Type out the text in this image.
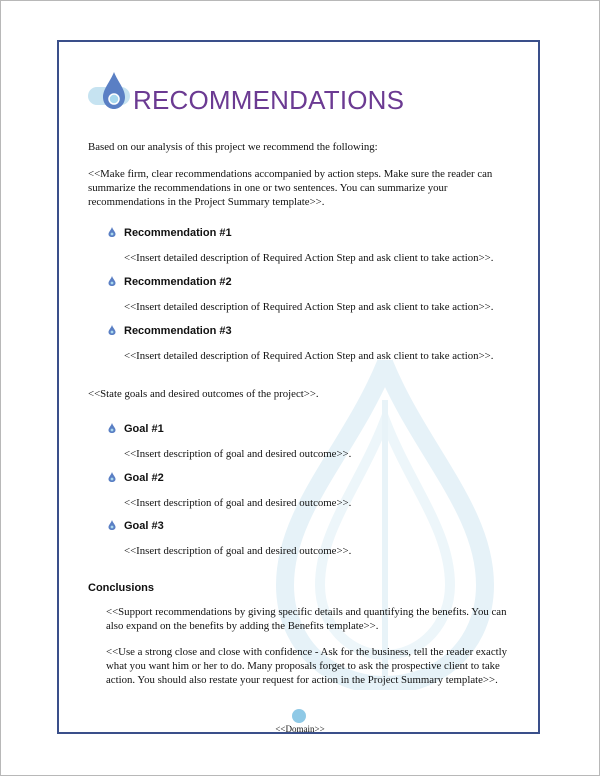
RECOMMENDATIONS

Based on our analysis of this project we recommend the following:

<<Make firm, clear recommendations accompanied by action steps. Make sure the reader can summarize the recommendations in one or two sentences. You can summarize your recommendations in the Project Summary template>>.

Recommendation #1

<<Insert detailed description of Required Action Step and ask client to take action>>.

Recommendation #2

<<Insert detailed description of Required Action Step and ask client to take action>>.

Recommendation #3

<<Insert detailed description of Required Action Step and ask client to take action>>.

<<State goals and desired outcomes of the project>>.

Goal #1

<<Insert description of goal and desired outcome>>.

Goal #2

<<Insert description of goal and desired outcome>>.

Goal #3

<<Insert description of goal and desired outcome>>.

Conclusions

<<Support recommendations by giving specific details and quantifying the benefits. You can also expand on the benefits by adding the Benefits template>>.

<<Use a strong close and close with confidence - Ask for the business, tell the reader exactly what you want him or her to do. Many proposals forget to ask the prospective client to take action. You should also restate your request for action in the Project Summary template>>.

<<Domain>>
